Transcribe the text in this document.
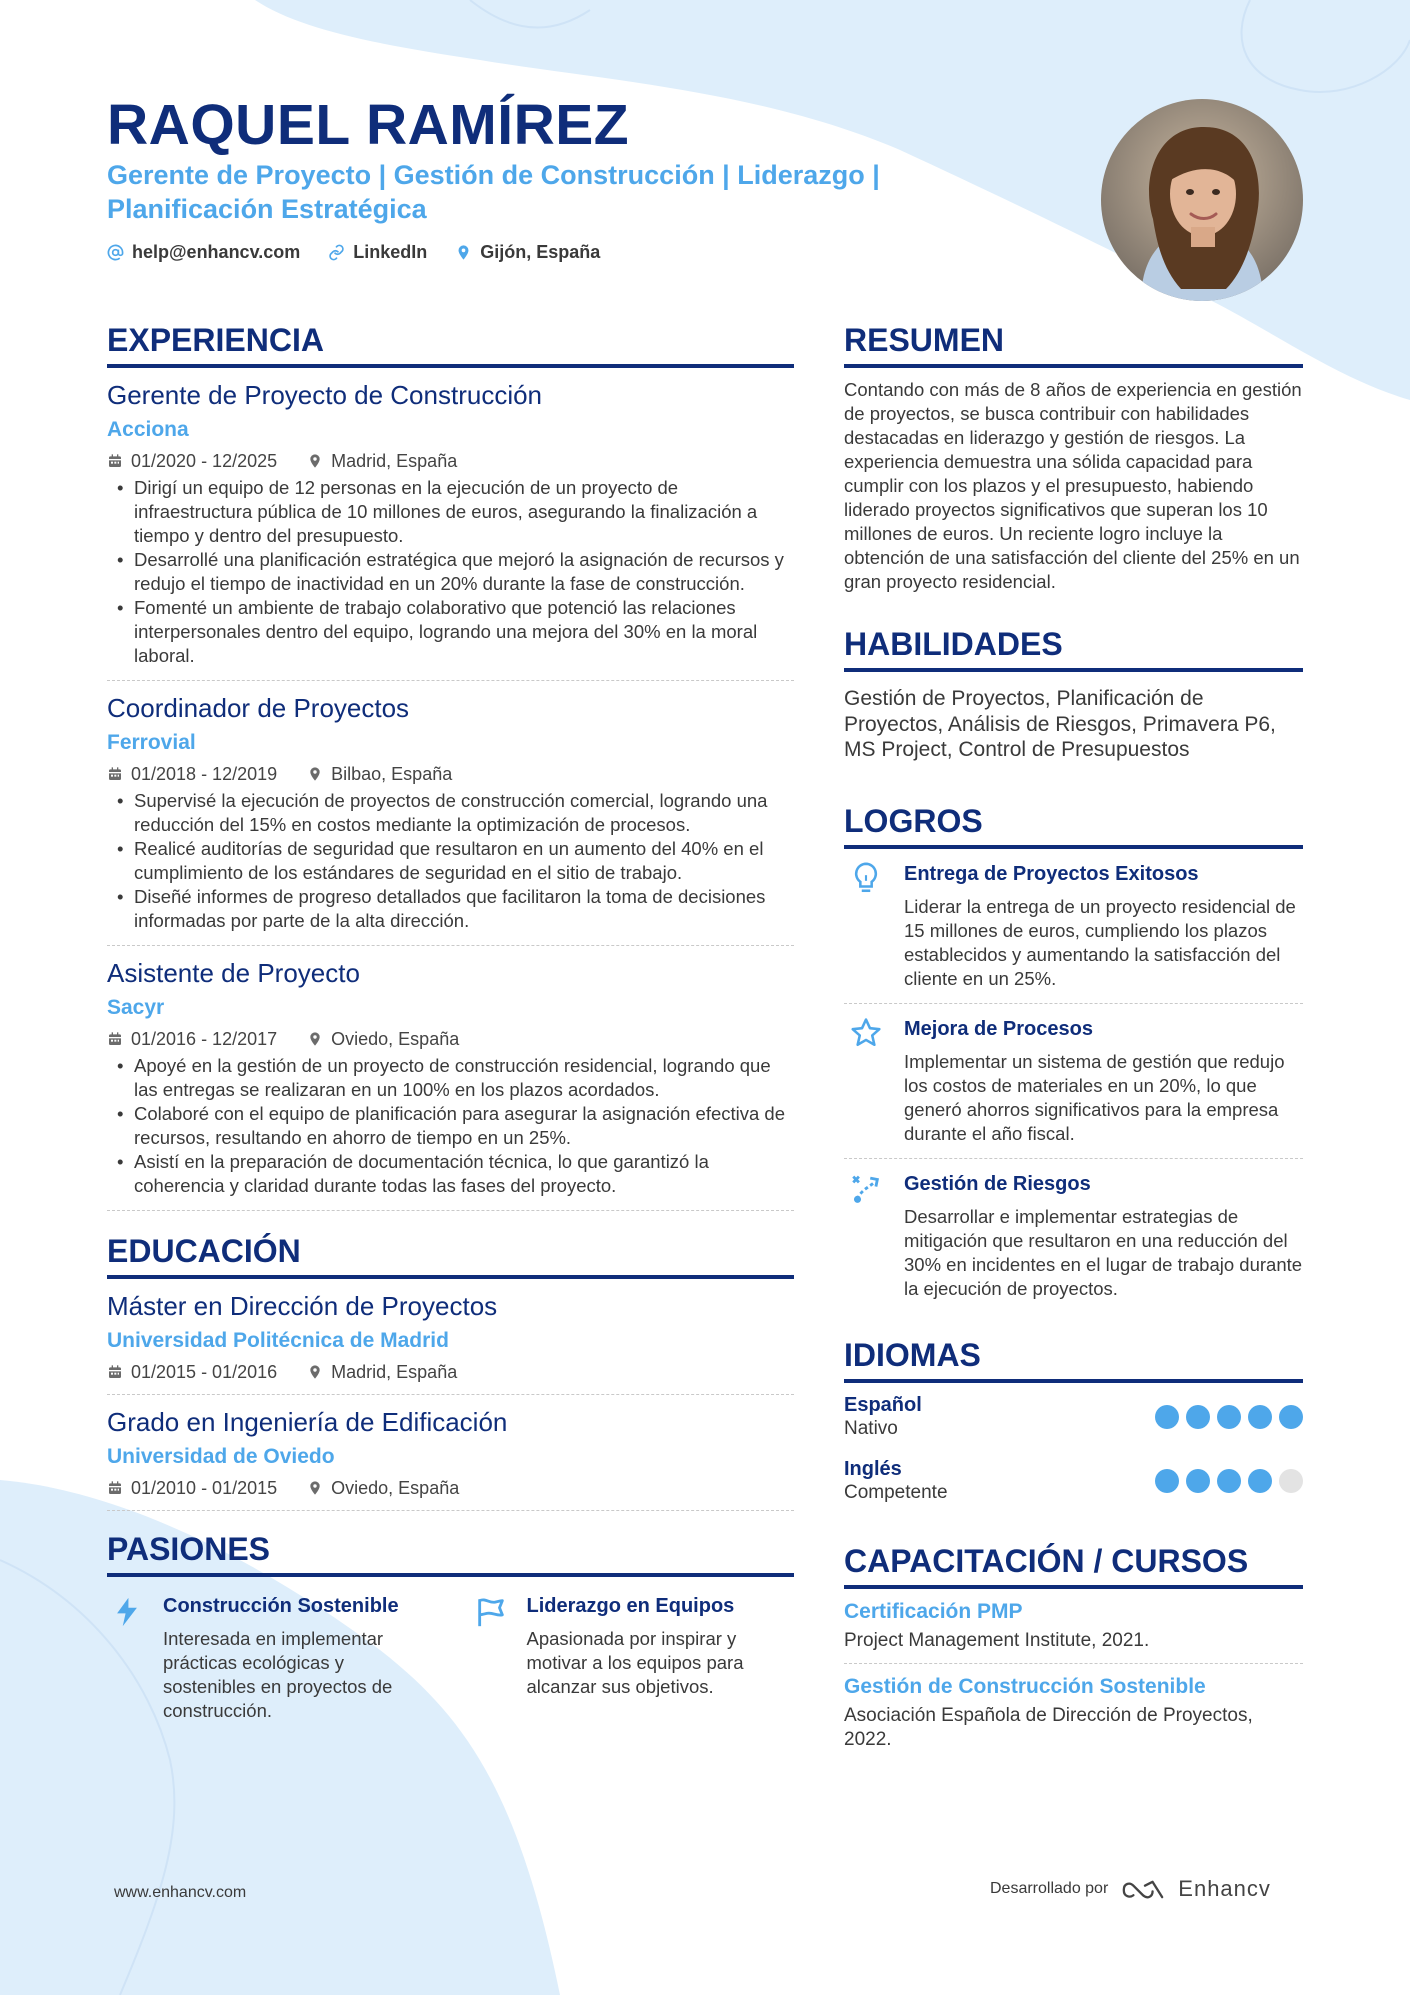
RAQUEL RAMÍREZ
Gerente de Proyecto | Gestión de Construcción | Liderazgo | Planificación Estratégica
help@enhancv.com	LinkedIn	Gijón, España
EXPERIENCIA
Gerente de Proyecto de Construcción
Acciona
01/2020 - 12/2025	Madrid, España
• Dirigí un equipo de 12 personas en la ejecución de un proyecto de infraestructura pública de 10 millones de euros, asegurando la finalización a tiempo y dentro del presupuesto.
• Desarrollé una planificación estratégica que mejoró la asignación de recursos y redujo el tiempo de inactividad en un 20% durante la fase de construcción.
• Fomenté un ambiente de trabajo colaborativo que potenció las relaciones interpersonales dentro del equipo, logrando una mejora del 30% en la moral laboral.
Coordinador de Proyectos
Ferrovial
01/2018 - 12/2019	Bilbao, España
• Supervisé la ejecución de proyectos de construcción comercial, logrando una reducción del 15% en costos mediante la optimización de procesos.
• Realicé auditorías de seguridad que resultaron en un aumento del 40% en el cumplimiento de los estándares de seguridad en el sitio de trabajo.
• Diseñé informes de progreso detallados que facilitaron la toma de decisiones informadas por parte de la alta dirección.
Asistente de Proyecto
Sacyr
01/2016 - 12/2017	Oviedo, España
• Apoyé en la gestión de un proyecto de construcción residencial, logrando que las entregas se realizaran en un 100% en los plazos acordados.
• Colaboré con el equipo de planificación para asegurar la asignación efectiva de recursos, resultando en ahorro de tiempo en un 25%.
• Asistí en la preparación de documentación técnica, lo que garantizó la coherencia y claridad durante todas las fases del proyecto.
EDUCACIÓN
Máster en Dirección de Proyectos
Universidad Politécnica de Madrid
01/2015 - 01/2016	Madrid, España
Grado en Ingeniería de Edificación
Universidad de Oviedo
01/2010 - 01/2015	Oviedo, España
PASIONES
Construcción Sostenible
Interesada en implementar prácticas ecológicas y sostenibles en proyectos de construcción.
Liderazgo en Equipos
Apasionada por inspirar y motivar a los equipos para alcanzar sus objetivos.
RESUMEN
Contando con más de 8 años de experiencia en gestión de proyectos, se busca contribuir con habilidades destacadas en liderazgo y gestión de riesgos. La experiencia demuestra una sólida capacidad para cumplir con los plazos y el presupuesto, habiendo liderado proyectos significativos que superan los 10 millones de euros. Un reciente logro incluye la obtención de una satisfacción del cliente del 25% en un gran proyecto residencial.
HABILIDADES
Gestión de Proyectos, Planificación de Proyectos, Análisis de Riesgos, Primavera P6, MS Project, Control de Presupuestos
LOGROS
Entrega de Proyectos Exitosos
Liderar la entrega de un proyecto residencial de 15 millones de euros, cumpliendo los plazos establecidos y aumentando la satisfacción del cliente en un 25%.
Mejora de Procesos
Implementar un sistema de gestión que redujo los costos de materiales en un 20%, lo que generó ahorros significativos para la empresa durante el año fiscal.
Gestión de Riesgos
Desarrollar e implementar estrategias de mitigación que resultaron en una reducción del 30% en incidentes en el lugar de trabajo durante la ejecución de proyectos.
IDIOMAS
Español
Nativo
Inglés
Competente
CAPACITACIÓN / CURSOS
Certificación PMP
Project Management Institute, 2021.
Gestión de Construcción Sostenible
Asociación Española de Dirección de Proyectos, 2022.
www.enhancv.com	Desarrollado por	Enhancv
